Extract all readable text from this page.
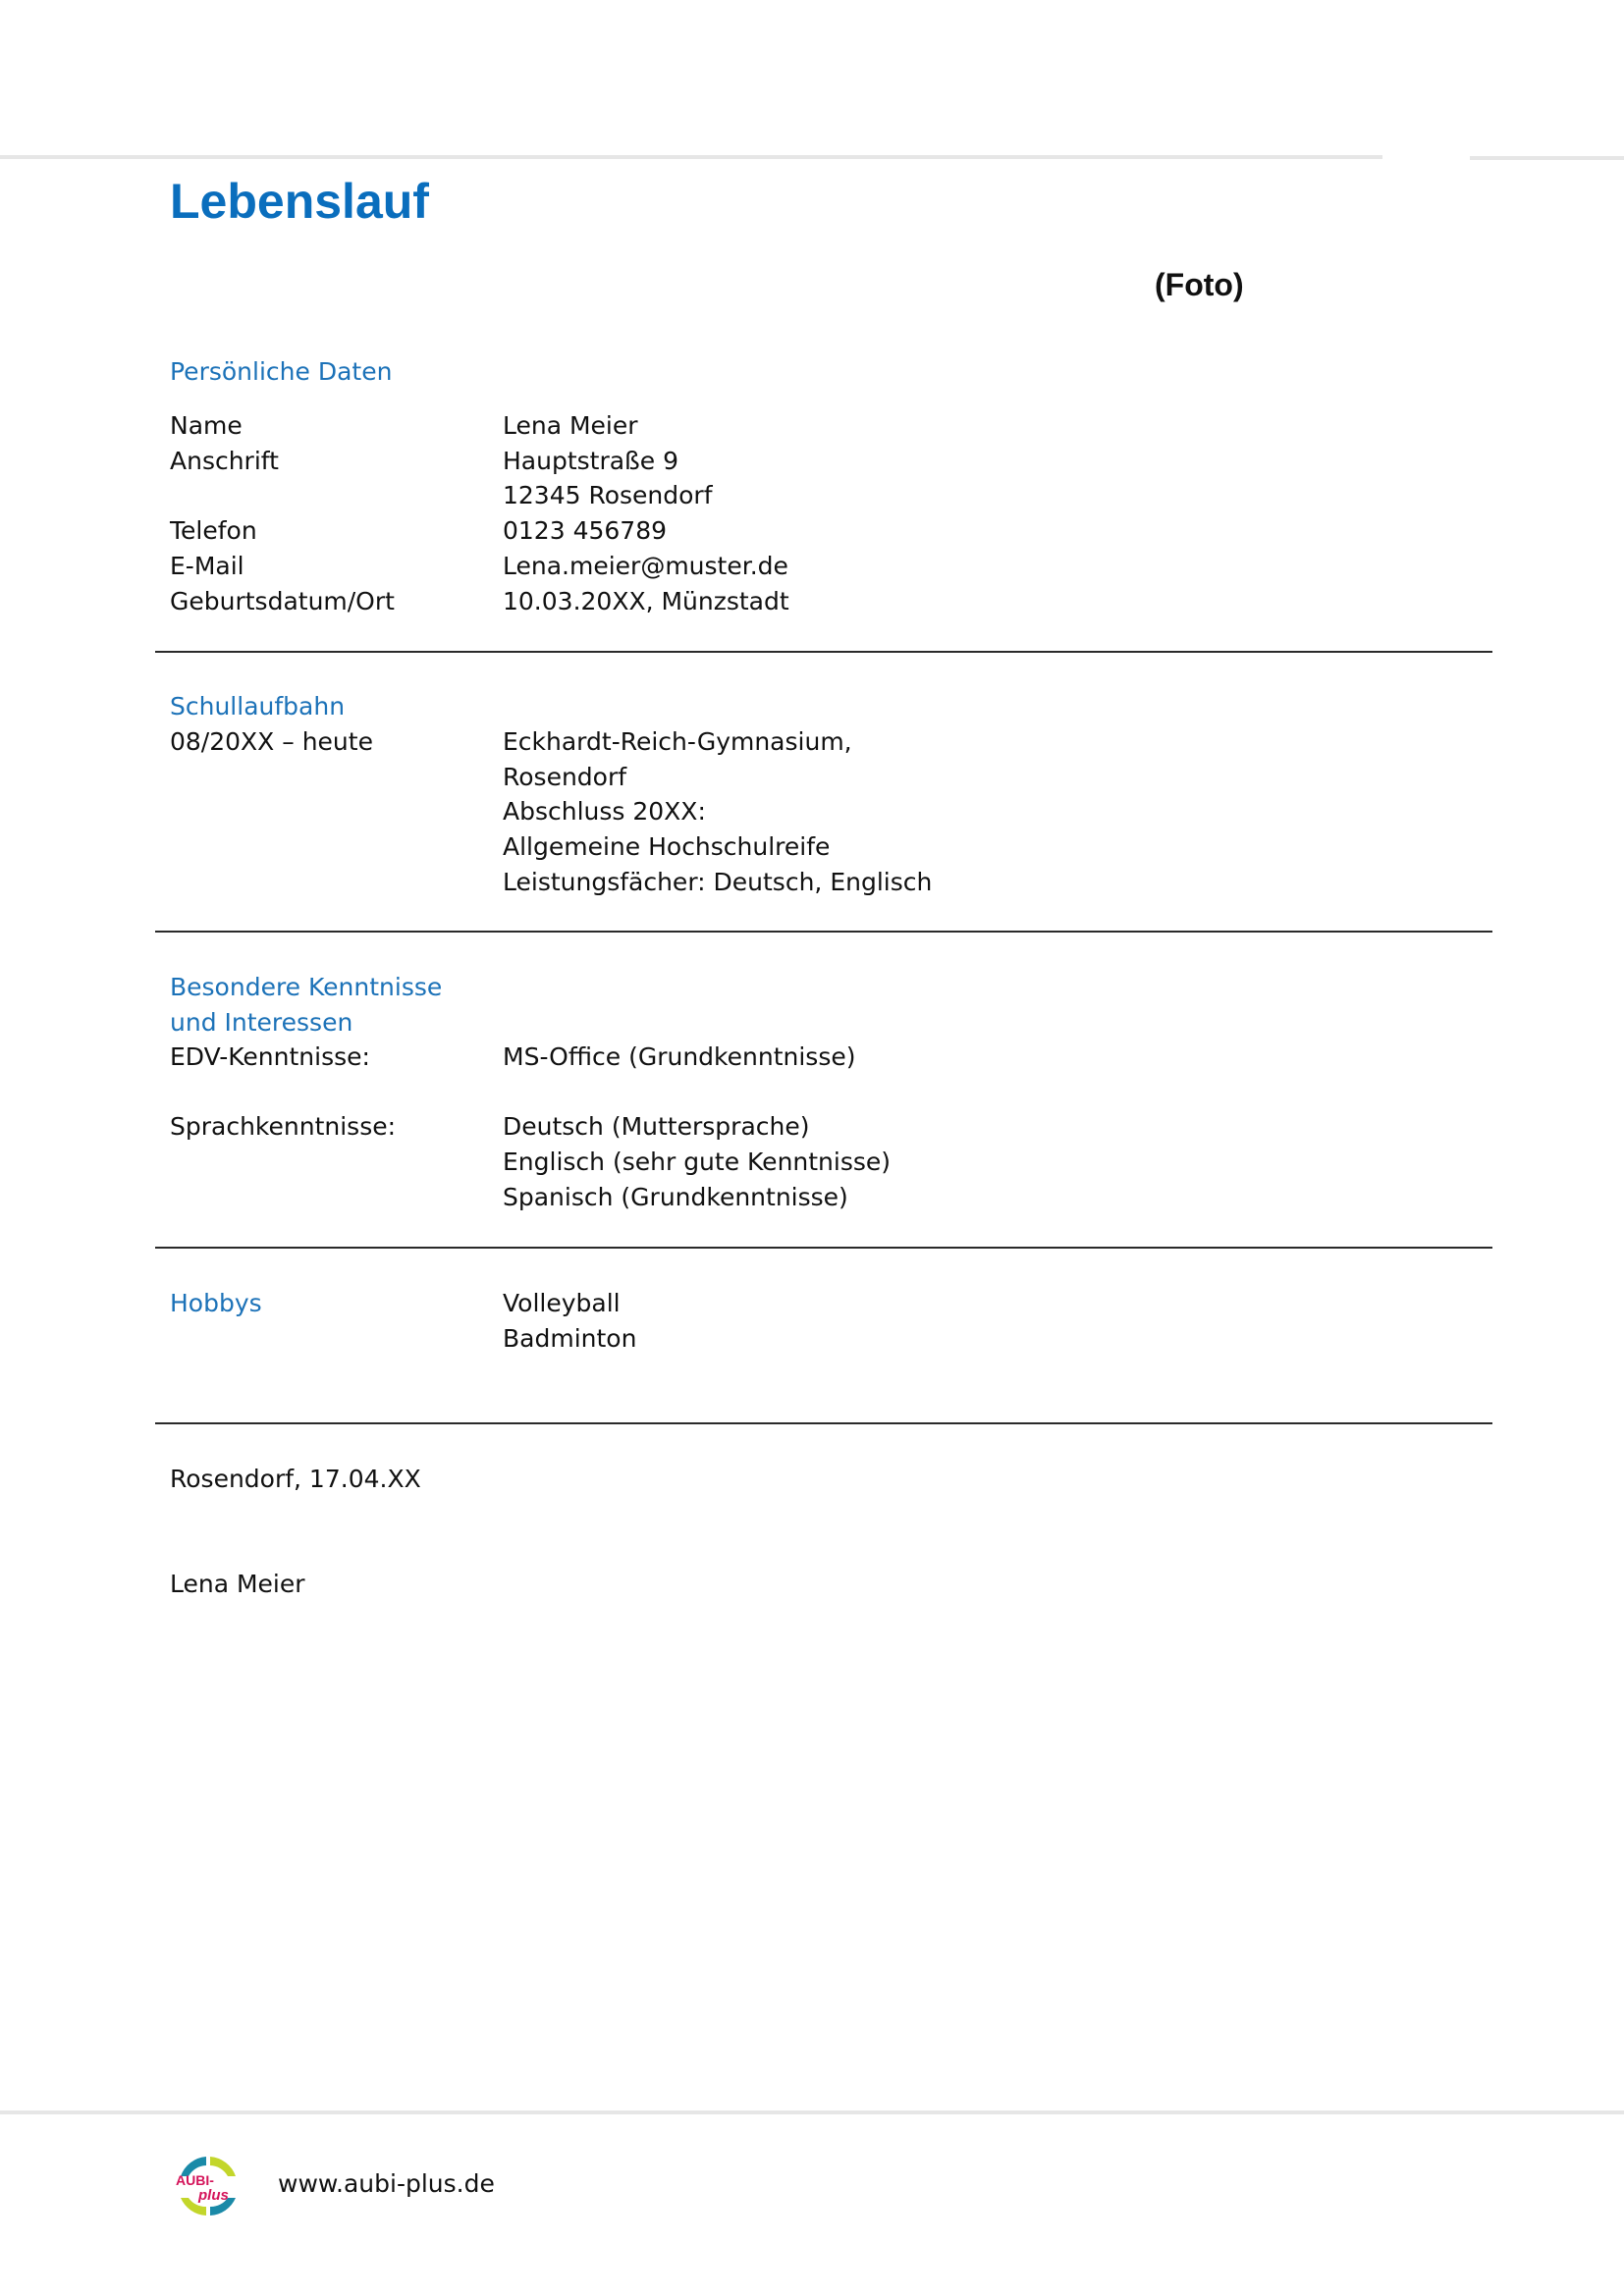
Lebenslauf
(Foto)
Persönliche Daten
Name
Anschrift

Telefon
E-Mail
Geburtsdatum/Ort
Lena Meier
Hauptstraße 9
12345 Rosendorf
0123 456789
Lena.meier@muster.de
10.03.20XX, Münzstadt
Schullaufbahn
08/20XX – heute	Eckhardt-Reich-Gymnasium,
Rosendorf
Abschluss 20XX:
Allgemeine Hochschulreife
Leistungsfächer: Deutsch, Englisch
Besondere Kenntnisse
und Interessen
EDV-Kenntnisse:

Sprachkenntnisse:
MS-Office (Grundkenntnisse)

Deutsch (Muttersprache)
Englisch (sehr gute Kenntnisse)
Spanisch (Grundkenntnisse)
Hobbys	Volleyball
Badminton
Rosendorf, 17.04.XX
Lena Meier
AUBI-
plus www.aubi-plus.de
